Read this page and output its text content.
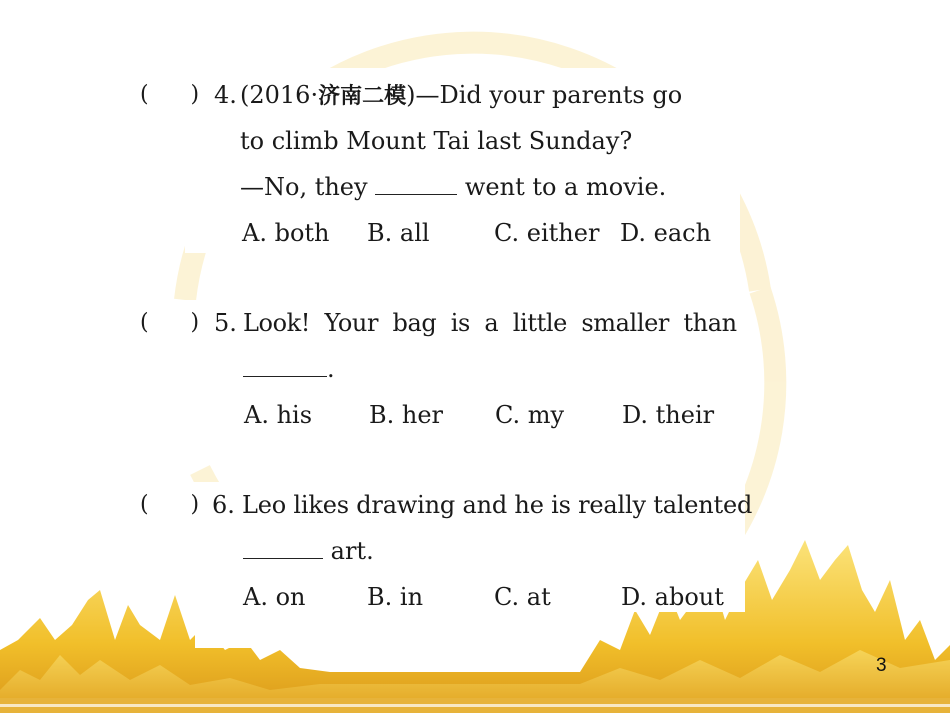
(      ) 4. (2016·济南二模)—Did your parents go
to climb Mount Tai last Sunday?
—No, they	went to a movie.
A. both B. all	C. either D. each
(      ) 5. Look!  Your  bag  is  a  little  smaller  than
.
A. his B. her C. my D. their
(      ) 6. Leo likes drawing and he is really talented
art.
A. on	B. in	C. at	D. about
3
